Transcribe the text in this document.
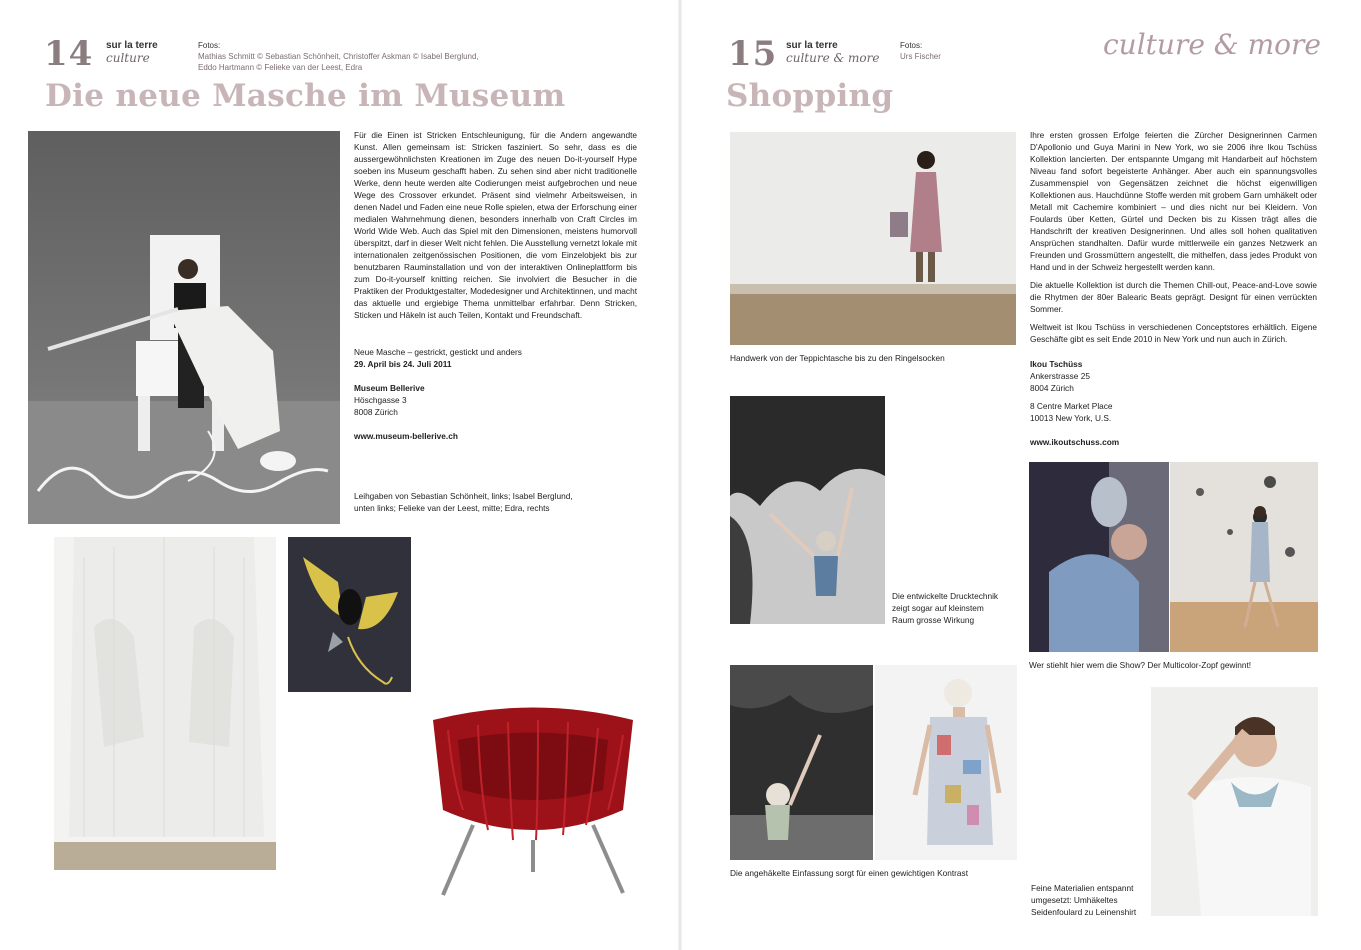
14 sur la terre
culture
Fotos:
Mathias Schmitt © Sebastian Schönheit, Christoffer Askman © Isabel Berglund,
Eddo Hartmann © Felieke van der Leest, Edra
Die neue Masche im Museum

Für die Einen ist Stricken Entschleunigung, für die Andern angewandte Kunst. Allen gemeinsam ist: Stricken fasziniert. So sehr, dass es die aussergewöhnlichsten Kreationen im Zuge des neuen Do-it-yourself Hype soeben ins Museum geschafft haben. Zu sehen sind aber nicht traditionelle Werke, denn heute werden alte Codierungen meist aufgebrochen und neue Wege des Crossover erkundet. Präsent sind vielmehr Arbeitsweisen, in denen Nadel und Faden eine neue Rolle spielen, etwa der Erforschung einer medialen Wahrnehmung dienen, besonders innerhalb von Craft Circles im World Wide Web. Auch das Spiel mit den Dimensionen, meistens humorvoll überspitzt, darf in dieser Welt nicht fehlen. Die Ausstellung vernetzt lokale mit internationalen zeitgenössischen Positionen, die vom Einzelobjekt bis zur benutzbaren Rauminstallation und von der interaktiven Onlineplattform bis zum Do-it-yourself knitting reichen. Sie involviert die Besucher in die Praktiken der Produktgestalter, Modedesigner und Architektinnen, und macht das aktuelle und ergiebige Thema unmittelbar erfahrbar. Denn Stricken, Sticken und Häkeln ist auch Teilen, Kontakt und Freundschaft.

Neue Masche – gestrickt, gestickt und anders
29. April bis 24. Juli 2011
Museum Bellerive
Höschgasse 3
8008 Zürich
www.museum-bellerive.ch
Leihgaben von Sebastian Schönheit, links; Isabel Berglund,
unten links; Felieke van der Leest, mitte; Edra, rechts
15 sur la terre
culture & more
Fotos:
Urs Fischer
Shopping
culture & more
Handwerk von der Teppichtasche bis zu den Ringelsocken

Ihre ersten grossen Erfolge feierten die Zürcher Designerinnen Carmen D'Apollonio und Guya Marini in New York, wo sie 2006 ihre Ikou Tschüss Kollektion lancierten. Der entspannte Umgang mit Handarbeit auf höchstem Niveau fand sofort begeisterte Anhänger. Aber auch ein spannungsvolles Zusammenspiel von Gegensätzen zeichnet die höchst eigenwilligen Kollektionen aus. Hauchdünne Stoffe werden mit grobem Garn umhäkelt oder Metall mit Cachemire kombiniert – und dies nicht nur bei Kleidern. Von Foulards über Ketten, Gürtel und Decken bis zu Kissen trägt alles die Handschrift der kreativen Designerinnen. Und alles soll hohen qualitativen Ansprüchen standhalten. Dafür wurde mittlerweile ein ganzes Netzwerk an Freunden und Grossmüttern angestellt, die mithelfen, dass jedes Produkt von Hand und in der Schweiz hergestellt werden kann.

Die aktuelle Kollektion ist durch die Themen Chill-out, Peace-and-Love sowie die Rhytmen der 80er Balearic Beats geprägt. Designt für einen verrückten Sommer.

Weltweit ist Ikou Tschüss in verschiedenen Conceptstores erhältlich. Eigene Geschäfte gibt es seit Ende 2010 in New York und nun auch in Zürich.

Ikou Tschüss
Ankerstrasse 25
8004 Zürich
8 Centre Market Place
10013 New York, U.S.
www.ikoutschuss.com
Die entwickelte Drucktechnik
zeigt sogar auf kleinstem
Raum grosse Wirkung
Wer stiehlt hier wem die Show? Der Multicolor-Zopf gewinnt!
Die angehäkelte Einfassung sorgt für einen gewichtigen Kontrast
Feine Materialien entspannt
umgesetzt: Umhäkeltes
Seidenfoulard zu Leinenshirt
